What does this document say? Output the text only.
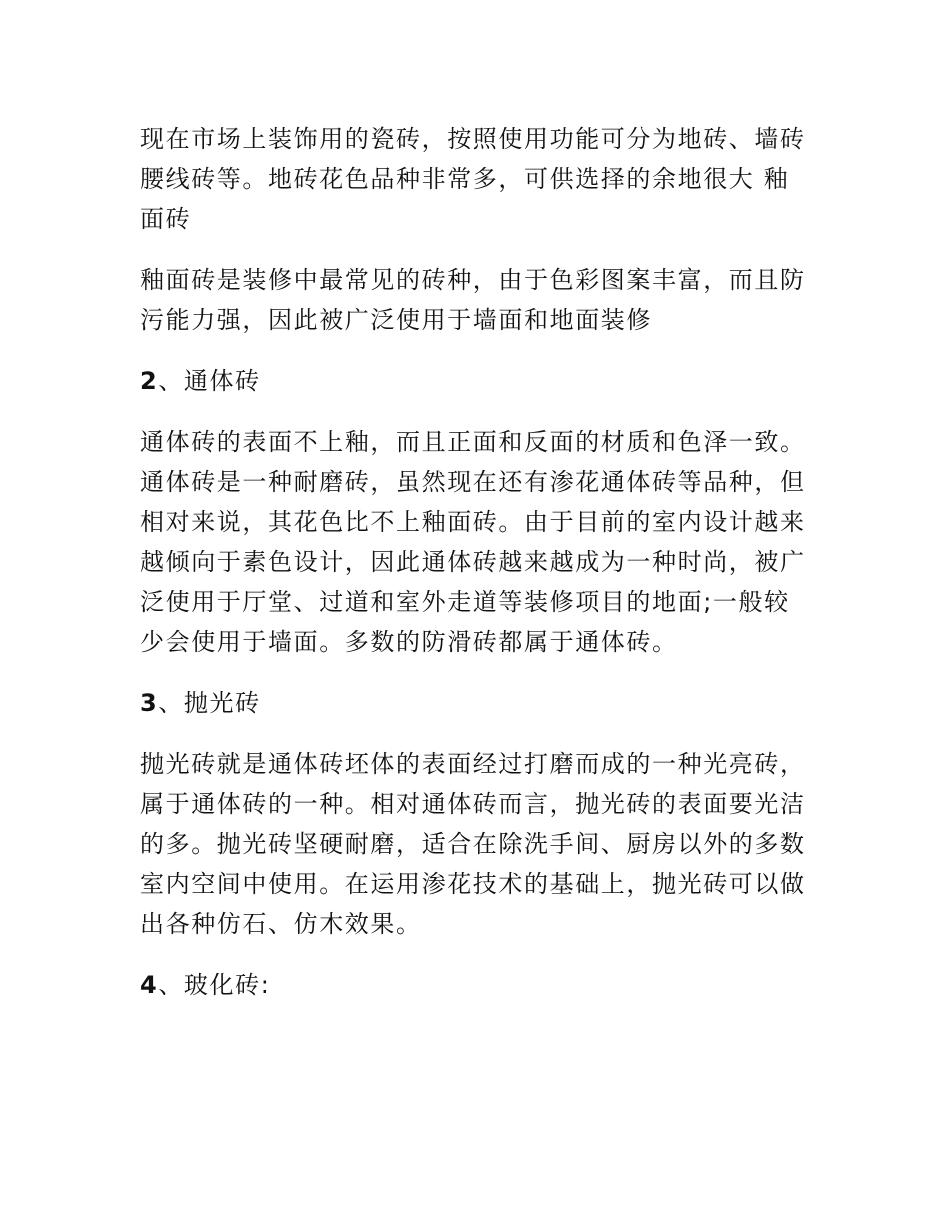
现在市场上装饰用的瓷砖，按照使用功能可分为地砖、墙砖腰线砖等。地砖花色品种非常多，可供选择的余地很大 釉面砖

釉面砖是装修中最常见的砖种，由于色彩图案丰富，而且防污能力强，因此被广泛使用于墙面和地面装修

2、通体砖

通体砖的表面不上釉，而且正面和反面的材质和色泽一致。通体砖是一种耐磨砖，虽然现在还有渗花通体砖等品种，但相对来说，其花色比不上釉面砖。由于目前的室内设计越来越倾向于素色设计，因此通体砖越来越成为一种时尚，被广泛使用于厅堂、过道和室外走道等装修项目的地面;一般较少会使用于墙面。多数的防滑砖都属于通体砖。

3、抛光砖

抛光砖就是通体砖坯体的表面经过打磨而成的一种光亮砖，属于通体砖的一种。相对通体砖而言，抛光砖的表面要光洁的多。抛光砖坚硬耐磨，适合在除洗手间、厨房以外的多数室内空间中使用。在运用渗花技术的基础上，抛光砖可以做出各种仿石、仿木效果。

4、玻化砖:
